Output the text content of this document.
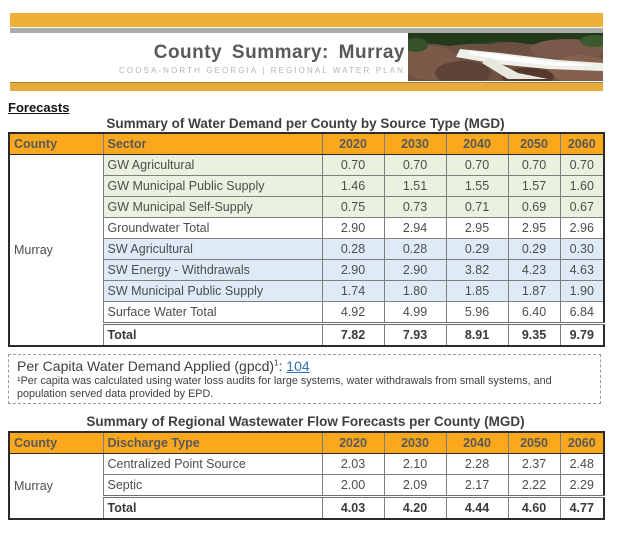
County Summary: Murray
COOSA-NORTH GEORGIA | REGIONAL WATER PLAN
Forecasts
Summary of Water Demand per County by Source Type (MGD)
County	Sector	2020	2030	2040	2050	2060
Murray	GW Agricultural	0.70	0.70	0.70	0.70	0.70
	GW Municipal Public Supply	1.46	1.51	1.55	1.57	1.60
	GW Municipal Self-Supply	0.75	0.73	0.71	0.69	0.67
	Groundwater Total	2.90	2.94	2.95	2.95	2.96
	SW Agricultural	0.28	0.28	0.29	0.29	0.30
	SW Energy - Withdrawals	2.90	2.90	3.82	4.23	4.63
	SW Municipal Public Supply	1.74	1.80	1.85	1.87	1.90
	Surface Water Total	4.92	4.99	5.96	6.40	6.84
	Total	7.82	7.93	8.91	9.35	9.79
Per Capita Water Demand Applied (gpcd)$^1$: 104
¹Per capita was calculated using water loss audits for large systems, water withdrawals from small systems, and population served data provided by EPD.
Summary of Regional Wastewater Flow Forecasts per County (MGD)
County	Discharge Type	2020	2030	2040	2050	2060
Murray	Centralized Point Source	2.03	2.10	2.28	2.37	2.48
	Septic	2.00	2.09	2.17	2.22	2.29
	Total	4.03	4.20	4.44	4.60	4.77
